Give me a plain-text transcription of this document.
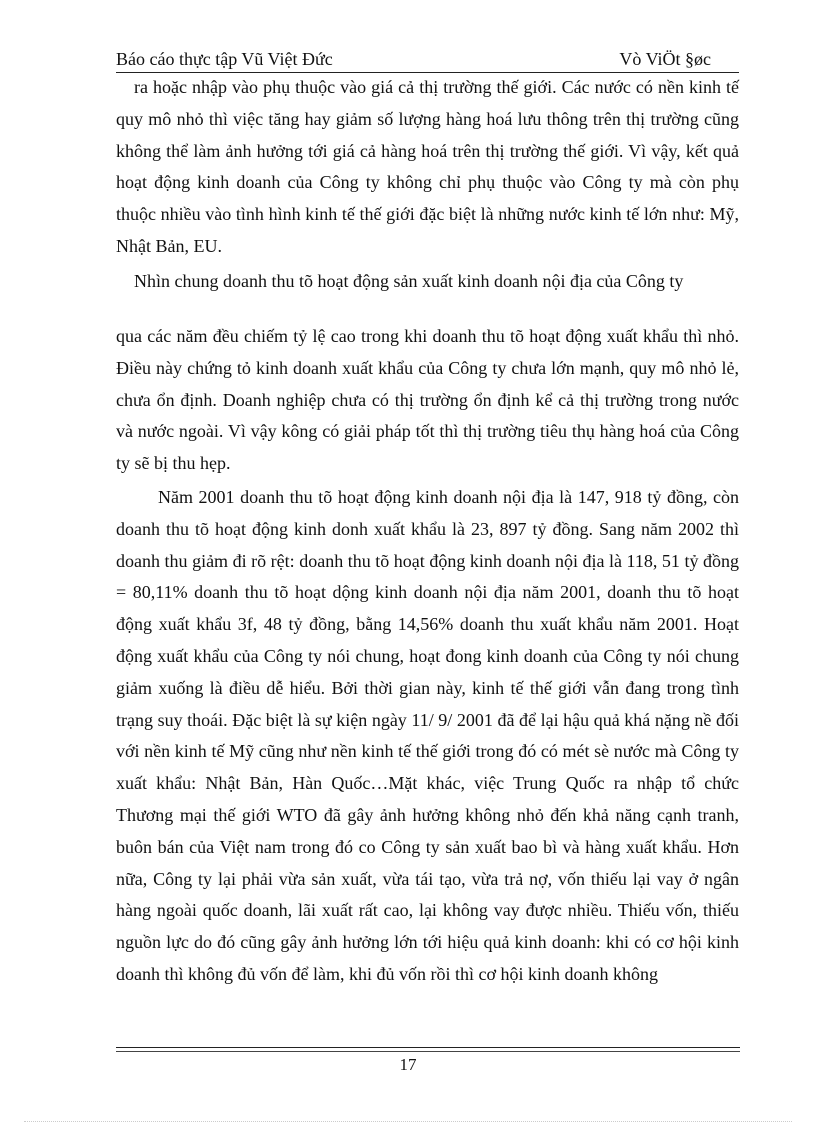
Báo cáo thực tập Vũ Việt Đức	Vò ViÖt §øc

ra hoặc nhập vào phụ thuộc vào giá cả thị trường thế giới. Các nước có nền kinh tế quy mô nhỏ thì việc tăng hay giảm số lượng hàng hoá lưu thông trên thị trường cũng không thể làm ảnh hưởng tới giá cả hàng hoá trên thị trường thế giới. Vì vậy, kết quả hoạt động kinh doanh của Công ty không chỉ phụ thuộc vào Công ty mà còn phụ thuộc nhiều vào tình hình kinh tế thế giới đặc biệt là những nước kinh tế lớn như: Mỹ, Nhật Bản, EU.

Nhìn chung doanh thu tõ hoạt động sản xuất kinh doanh nội địa của Công ty

qua các năm đều chiếm tỷ lệ cao trong khi doanh thu tõ hoạt động xuất khẩu thì nhỏ. Điều này chứng tỏ kinh doanh xuất khẩu của Công ty chưa lớn mạnh, quy mô nhỏ lẻ, chưa ổn định. Doanh nghiệp chưa có thị trường ổn định kể cả thị trường trong nước và nước ngoài. Vì vậy kông có giải pháp tốt thì thị trường tiêu thụ hàng hoá của Công ty sẽ bị thu hẹp.

Năm 2001 doanh thu tõ hoạt động kinh doanh nội địa là 147, 918 tỷ đồng, còn doanh thu tõ hoạt động kinh donh xuất khẩu là 23, 897 tỷ đồng. Sang năm 2002 thì doanh thu giảm đi rõ rệt: doanh thu tõ hoạt động kinh doanh nội địa là 118, 51 tỷ đồng = 80,11% doanh thu tõ hoạt dộng kinh doanh nội địa năm 2001, doanh thu tõ hoạt động xuất khẩu 3f, 48 tỷ đồng, bằng 14,56% doanh thu xuất khẩu năm 2001. Hoạt động xuất khẩu của Công ty nói chung, hoạt đong kinh doanh của Công ty nói chung giảm xuống là điều dễ hiểu. Bởi thời gian này, kinh tế thế giới vẫn đang trong tình trạng suy thoái. Đặc biệt là sự kiện ngày 11/ 9/ 2001 đã để lại hậu quả khá nặng nề đối với nền kinh tế Mỹ cũng như nền kinh tế thế giới trong đó có mét sè nước mà Công ty xuất khẩu: Nhật Bản, Hàn Quốc…Mặt khác, việc Trung Quốc ra nhập tổ chức Thương mại thế giới WTO đã gây ảnh hưởng không nhỏ đến khả năng cạnh tranh, buôn bán của Việt nam trong đó co Công ty sản xuất bao bì và hàng xuất khẩu. Hơn nữa, Công ty lại phải vừa sản xuất, vừa tái tạo, vừa trả nợ, vốn thiếu lại vay ở ngân hàng ngoài quốc doanh, lãi xuất rất cao, lại không vay được nhiều. Thiếu vốn, thiếu nguồn lực do đó cũng gây ảnh hưởng lớn tới hiệu quả kinh doanh: khi có cơ hội kinh doanh thì không đủ vốn để làm, khi đủ vốn rồi thì cơ hội kinh doanh không

17
